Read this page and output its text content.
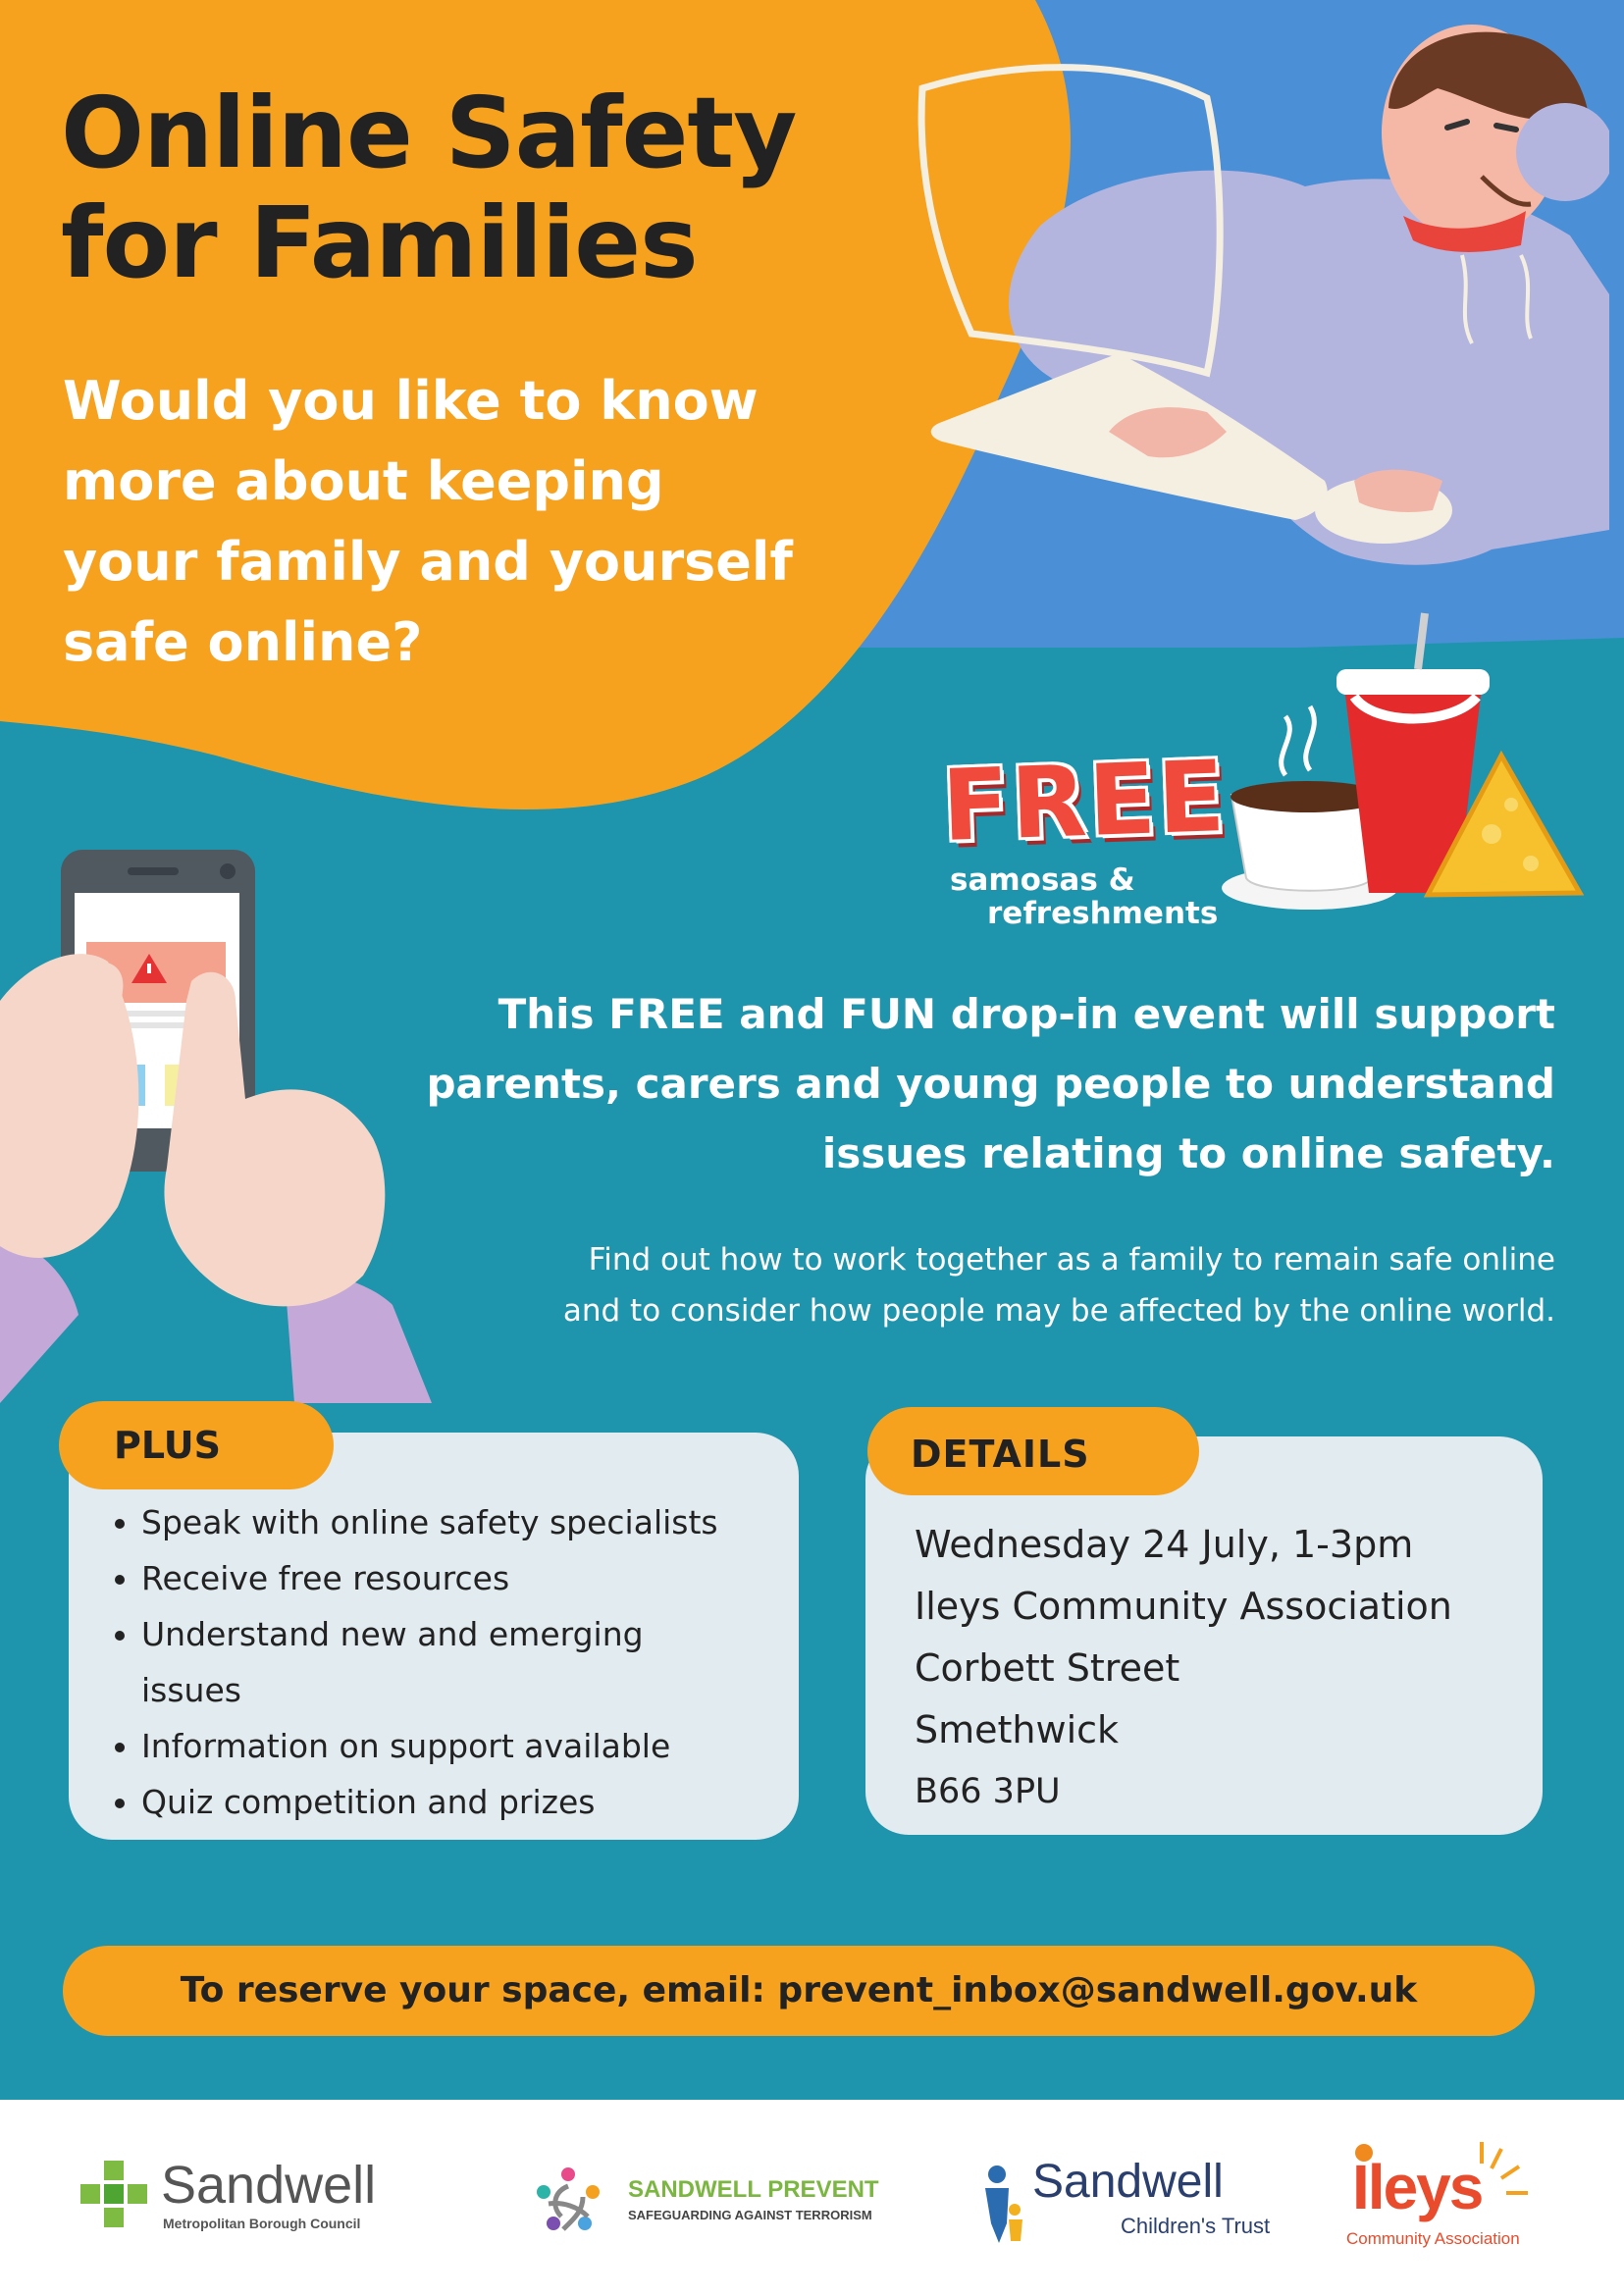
Online Safety
for Families
Would you like to know
more about keeping
your family and yourself
safe online?
FREE
samosas &
refreshments
This FREE and FUN drop-in event will support
parents, carers and young people to understand
issues relating to online safety.
Find out how to work together as a family to remain safe online
and to consider how people may be affected by the online world.
PLUS
• Speak with online safety specialists
• Receive free resources
• Understand new and emerging issues
• Information on support available
• Quiz competition and prizes
DETAILS
Wednesday 24 July, 1-3pm
Ileys Community Association
Corbett Street
Smethwick
B66 3PU
To reserve your space, email: prevent_inbox@sandwell.gov.uk
Sandwell
Metropolitan Borough Council
SANDWELL PREVENT
SAFEGUARDING AGAINST TERRORISM
Sandwell
Children's Trust
Ileys
Community Association
